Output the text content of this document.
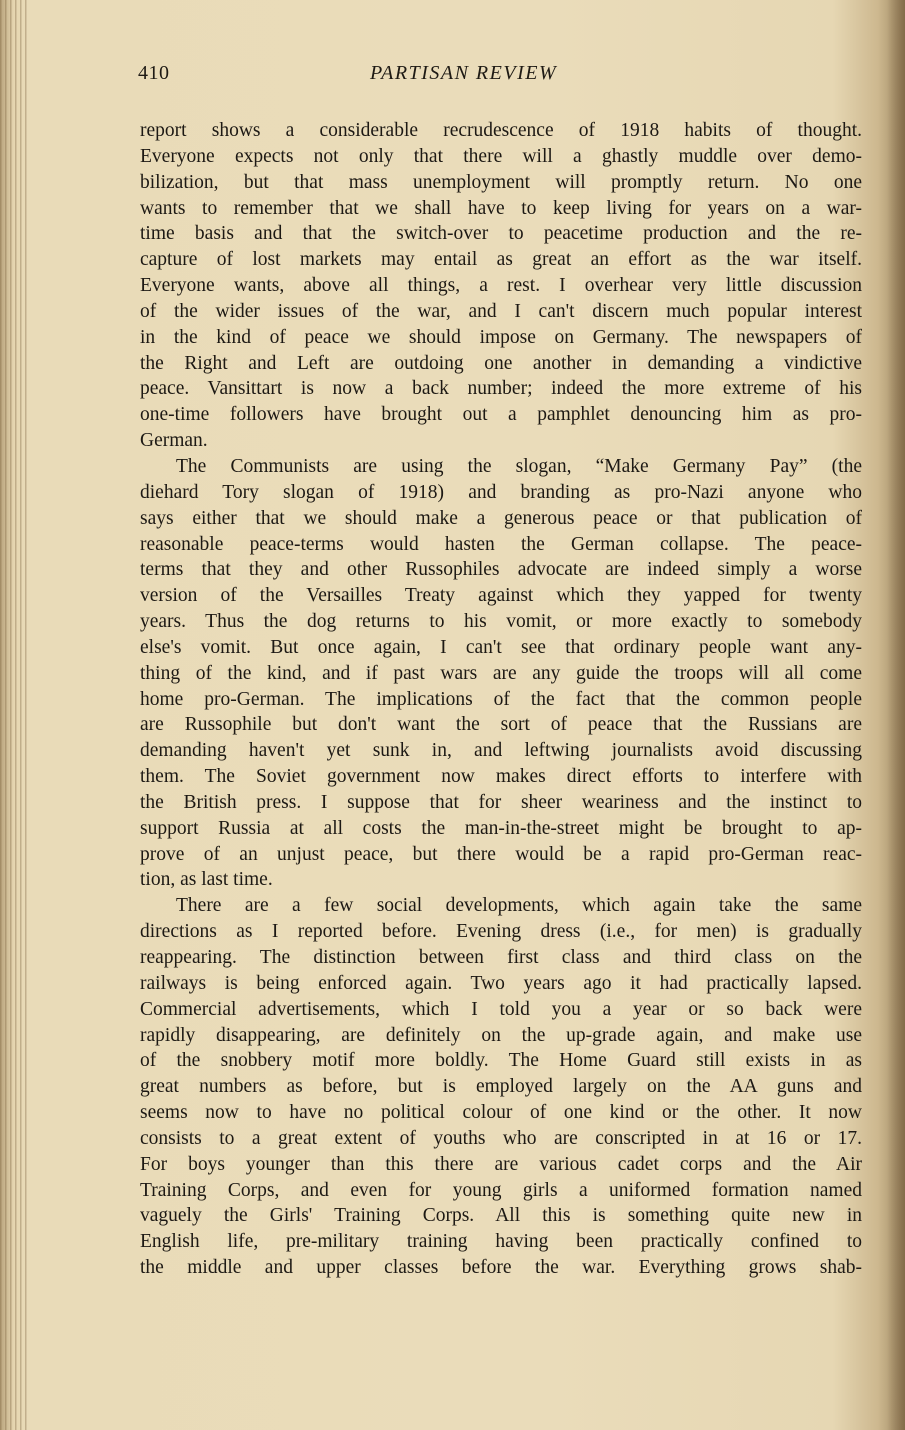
410	PARTISAN REVIEW
report shows a considerable recrudescence of 1918 habits of thought.
Everyone expects not only that there will a ghastly muddle over demo-
bilization, but that mass unemployment will promptly return. No one
wants to remember that we shall have to keep living for years on a war-
time basis and that the switch-over to peacetime production and the re-
capture of lost markets may entail as great an effort as the war itself.
Everyone wants, above all things, a rest. I overhear very little discussion
of the wider issues of the war, and I can't discern much popular interest
in the kind of peace we should impose on Germany. The newspapers of
the Right and Left are outdoing one another in demanding a vindictive
peace. Vansittart is now a back number; indeed the more extreme of his
one-time followers have brought out a pamphlet denouncing him as pro-
German.
The Communists are using the slogan, “Make Germany Pay” (the
diehard Tory slogan of 1918) and branding as pro-Nazi anyone who
says either that we should make a generous peace or that publication of
reasonable peace-terms would hasten the German collapse. The peace-
terms that they and other Russophiles advocate are indeed simply a worse
version of the Versailles Treaty against which they yapped for twenty
years. Thus the dog returns to his vomit, or more exactly to somebody
else's vomit. But once again, I can't see that ordinary people want any-
thing of the kind, and if past wars are any guide the troops will all come
home pro-German. The implications of the fact that the common people
are Russophile but don't want the sort of peace that the Russians are
demanding haven't yet sunk in, and leftwing journalists avoid discussing
them. The Soviet government now makes direct efforts to interfere with
the British press. I suppose that for sheer weariness and the instinct to
support Russia at all costs the man-in-the-street might be brought to ap-
prove of an unjust peace, but there would be a rapid pro-German reac-
tion, as last time.
There are a few social developments, which again take the same
directions as I reported before. Evening dress (i.e., for men) is gradually
reappearing. The distinction between first class and third class on the
railways is being enforced again. Two years ago it had practically lapsed.
Commercial advertisements, which I told you a year or so back were
rapidly disappearing, are definitely on the up-grade again, and make use
of the snobbery motif more boldly. The Home Guard still exists in as
great numbers as before, but is employed largely on the AA guns and
seems now to have no political colour of one kind or the other. It now
consists to a great extent of youths who are conscripted in at 16 or 17.
For boys younger than this there are various cadet corps and the Air
Training Corps, and even for young girls a uniformed formation named
vaguely the Girls' Training Corps. All this is something quite new in
English life, pre-military training having been practically confined to
the middle and upper classes before the war. Everything grows shab-
